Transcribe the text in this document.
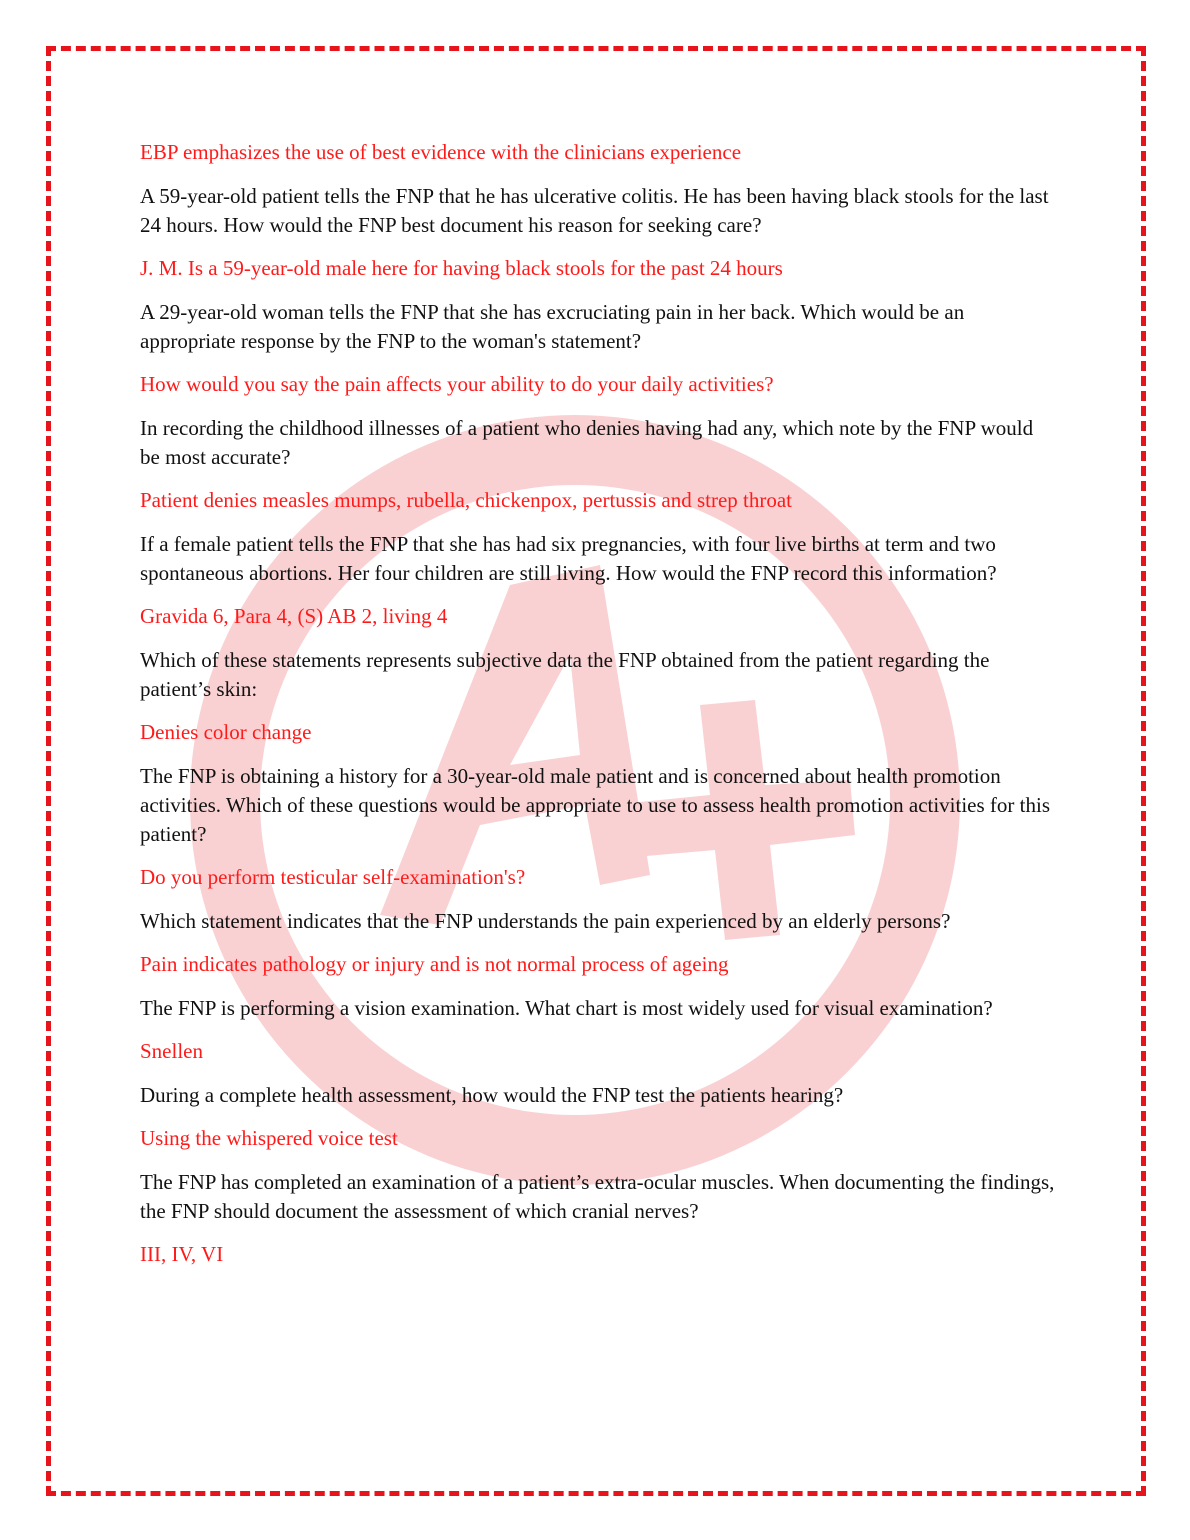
EBP emphasizes the use of best evidence with the clinicians experience

A 59-year-old patient tells the FNP that he has ulcerative colitis. He has been having black stools for the last 24 hours. How would the FNP best document his reason for seeking care?

J. M. Is a 59-year-old male here for having black stools for the past 24 hours

A 29-year-old woman tells the FNP that she has excruciating pain in her back. Which would be an appropriate response by the FNP to the woman's statement?

How would you say the pain affects your ability to do your daily activities?

In recording the childhood illnesses of a patient who denies having had any, which note by the FNP would be most accurate?

Patient denies measles mumps, rubella, chickenpox, pertussis and strep throat

If a female patient tells the FNP that she has had six pregnancies, with four live births at term and two spontaneous abortions. Her four children are still living. How would the FNP record this information?

Gravida 6, Para 4, (S) AB 2, living 4

Which of these statements represents subjective data the FNP obtained from the patient regarding the patient’s skin:

Denies color change

The FNP is obtaining a history for a 30-year-old male patient and is concerned about health promotion activities. Which of these questions would be appropriate to use to assess health promotion activities for this patient?

Do you perform testicular self-examination's?

Which statement indicates that the FNP understands the pain experienced by an elderly persons?

Pain indicates pathology or injury and is not normal process of ageing

The FNP is performing a vision examination. What chart is most widely used for visual examination?

Snellen

During a complete health assessment, how would the FNP test the patients hearing?

Using the whispered voice test

The FNP has completed an examination of a patient’s extra-ocular muscles. When documenting the findings, the FNP should document the assessment of which cranial nerves?

III, IV, VI
